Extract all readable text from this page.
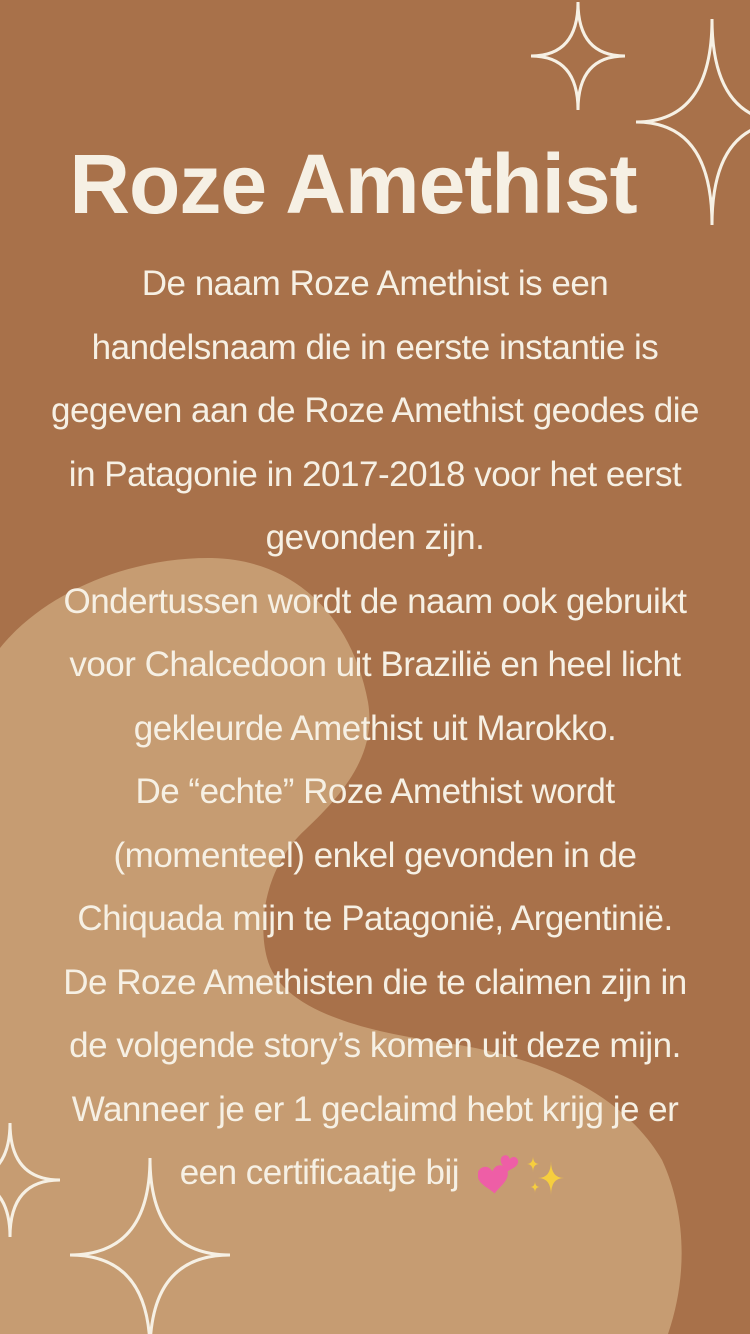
Roze Amethist
De naam Roze Amethist is een
handelsnaam die in eerste instantie is
gegeven aan de Roze Amethist geodes die
in Patagonie in 2017-2018 voor het eerst
gevonden zijn.
Ondertussen wordt de naam ook gebruikt
voor Chalcedoon uit Brazilië en heel licht
gekleurde Amethist uit Marokko.
De “echte” Roze Amethist wordt
(momenteel) enkel gevonden in de
Chiquada mijn te Patagonië, Argentinië.
De Roze Amethisten die te claimen zijn in
de volgende story’s komen uit deze mijn.
Wanneer je er 1 geclaimd hebt krijg je er
een certificaatje bij
